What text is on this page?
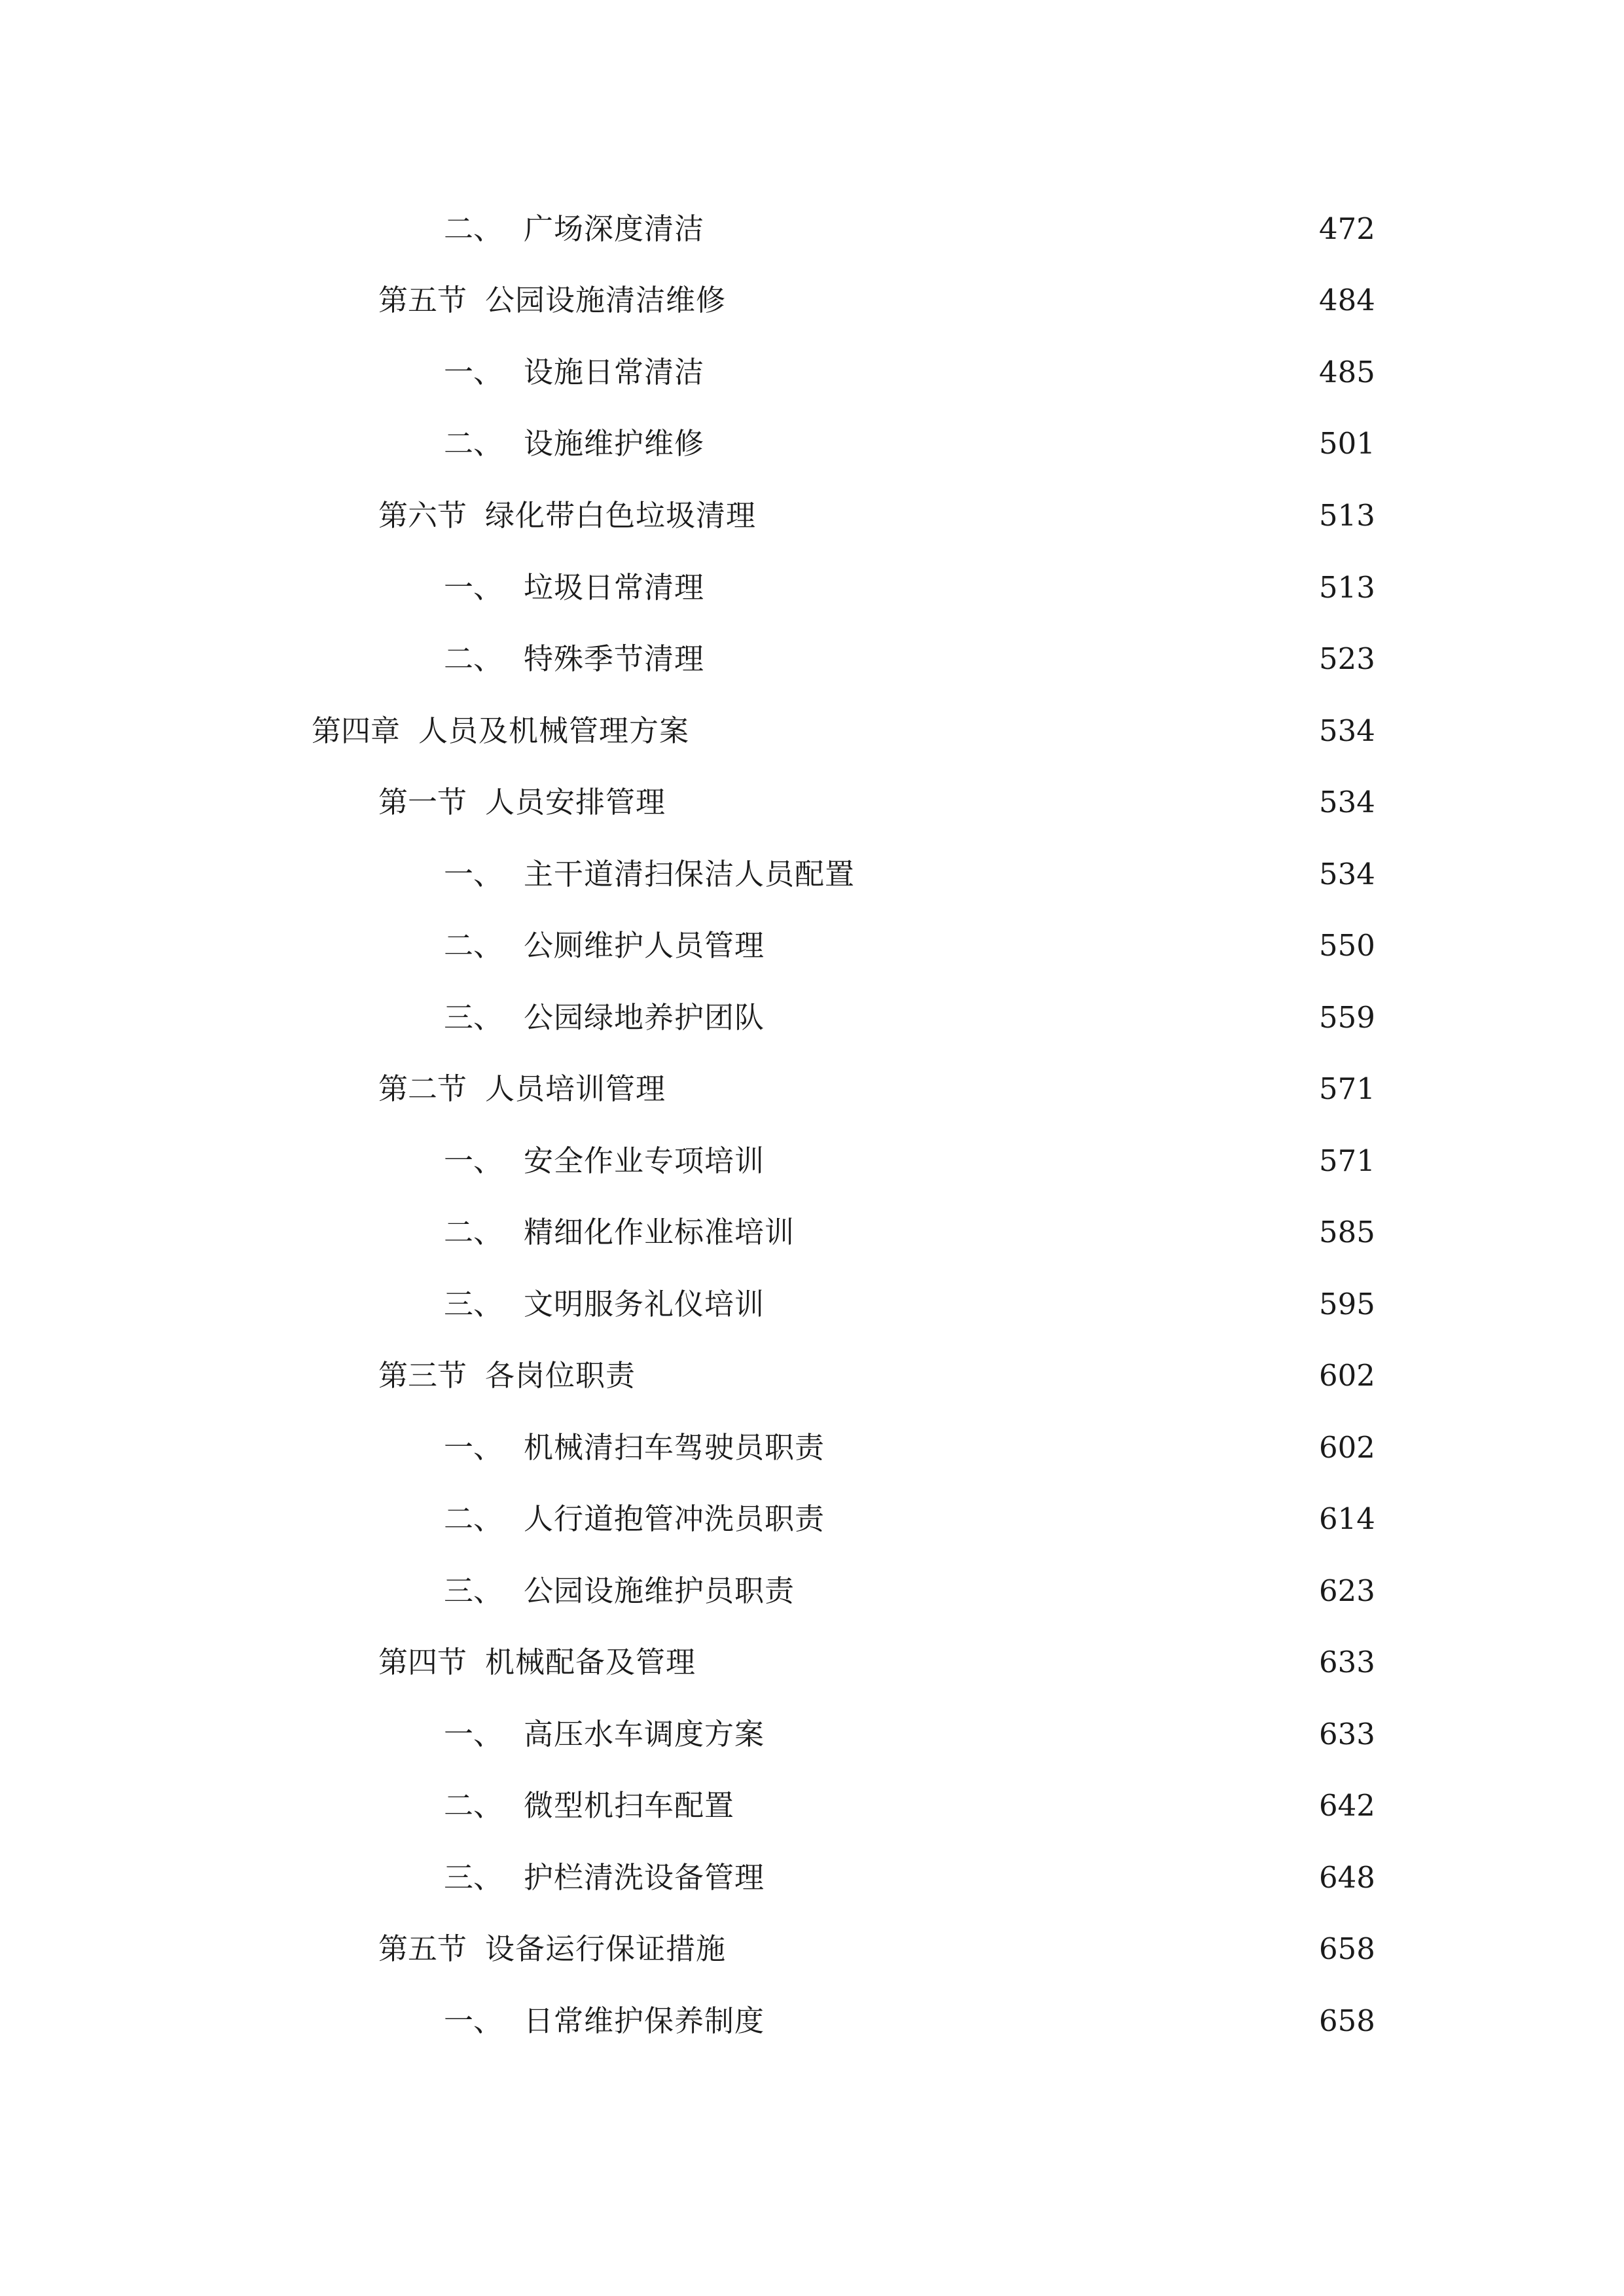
二、 广场深度清洁	472
第五节 公园设施清洁维修	484
一、 设施日常清洁	485
二、 设施维护维修	501
第六节 绿化带白色垃圾清理	513
一、 垃圾日常清理	513
二、 特殊季节清理	523
第四章 人员及机械管理方案	534
第一节 人员安排管理	534
一、 主干道清扫保洁人员配置	534
二、 公厕维护人员管理	550
三、 公园绿地养护团队	559
第二节 人员培训管理	571
一、 安全作业专项培训	571
二、 精细化作业标准培训	585
三、 文明服务礼仪培训	595
第三节 各岗位职责	602
一、 机械清扫车驾驶员职责	602
二、 人行道抱管冲洗员职责	614
三、 公园设施维护员职责	623
第四节 机械配备及管理	633
一、 高压水车调度方案	633
二、 微型机扫车配置	642
三、 护栏清洗设备管理	648
第五节 设备运行保证措施	658
一、 日常维护保养制度	658
